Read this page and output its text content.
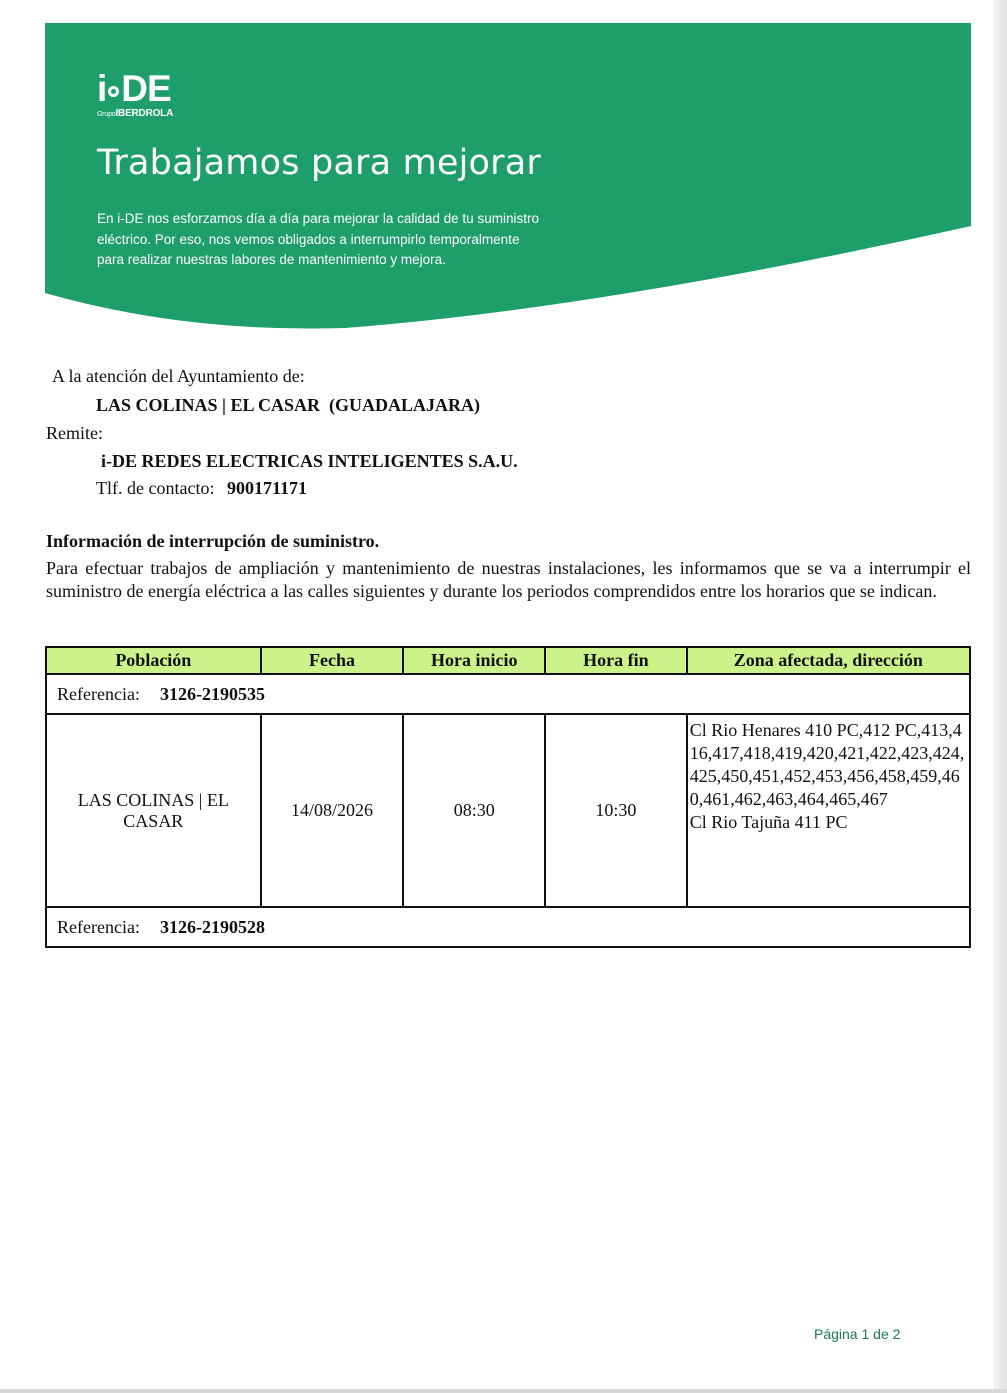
i DE
GrupoIBERDROLA
Trabajamos para mejorar
En i-DE nos esforzamos día a día para mejorar la calidad de tu suministro
eléctrico. Por eso, nos vemos obligados a interrumpirlo temporalmente
para realizar nuestras labores de mantenimiento y mejora.
A la atención del Ayuntamiento de:
LAS COLINAS | EL CASAR  (GUADALAJARA)
Remite:
i-DE REDES ELECTRICAS INTELIGENTES S.A.U.
Tlf. de contacto: 900171171
Información de interrupción de suministro.
Para efectuar trabajos de ampliación y mantenimiento de nuestras instalaciones, les informamos que se va a interrumpir el suministro de energía eléctrica a las calles siguientes y durante los periodos comprendidos entre los horarios que se indican.
Población	Fecha	Hora inicio	Hora fin	Zona afectada, dirección
Referencia: 3126-2190535				
LAS COLINAS | EL CASAR	14/08/2026	08:30	10:30	Cl Rio Henares 410 PC,412 PC,413,416,417,418,419,420,421,422,423,424,425,450,451,452,453,456,458,459,460,461,462,463,464,465,467
Cl Rio Tajuña 411 PC

Referencia: 3126-2190528				
Página 1 de 2
